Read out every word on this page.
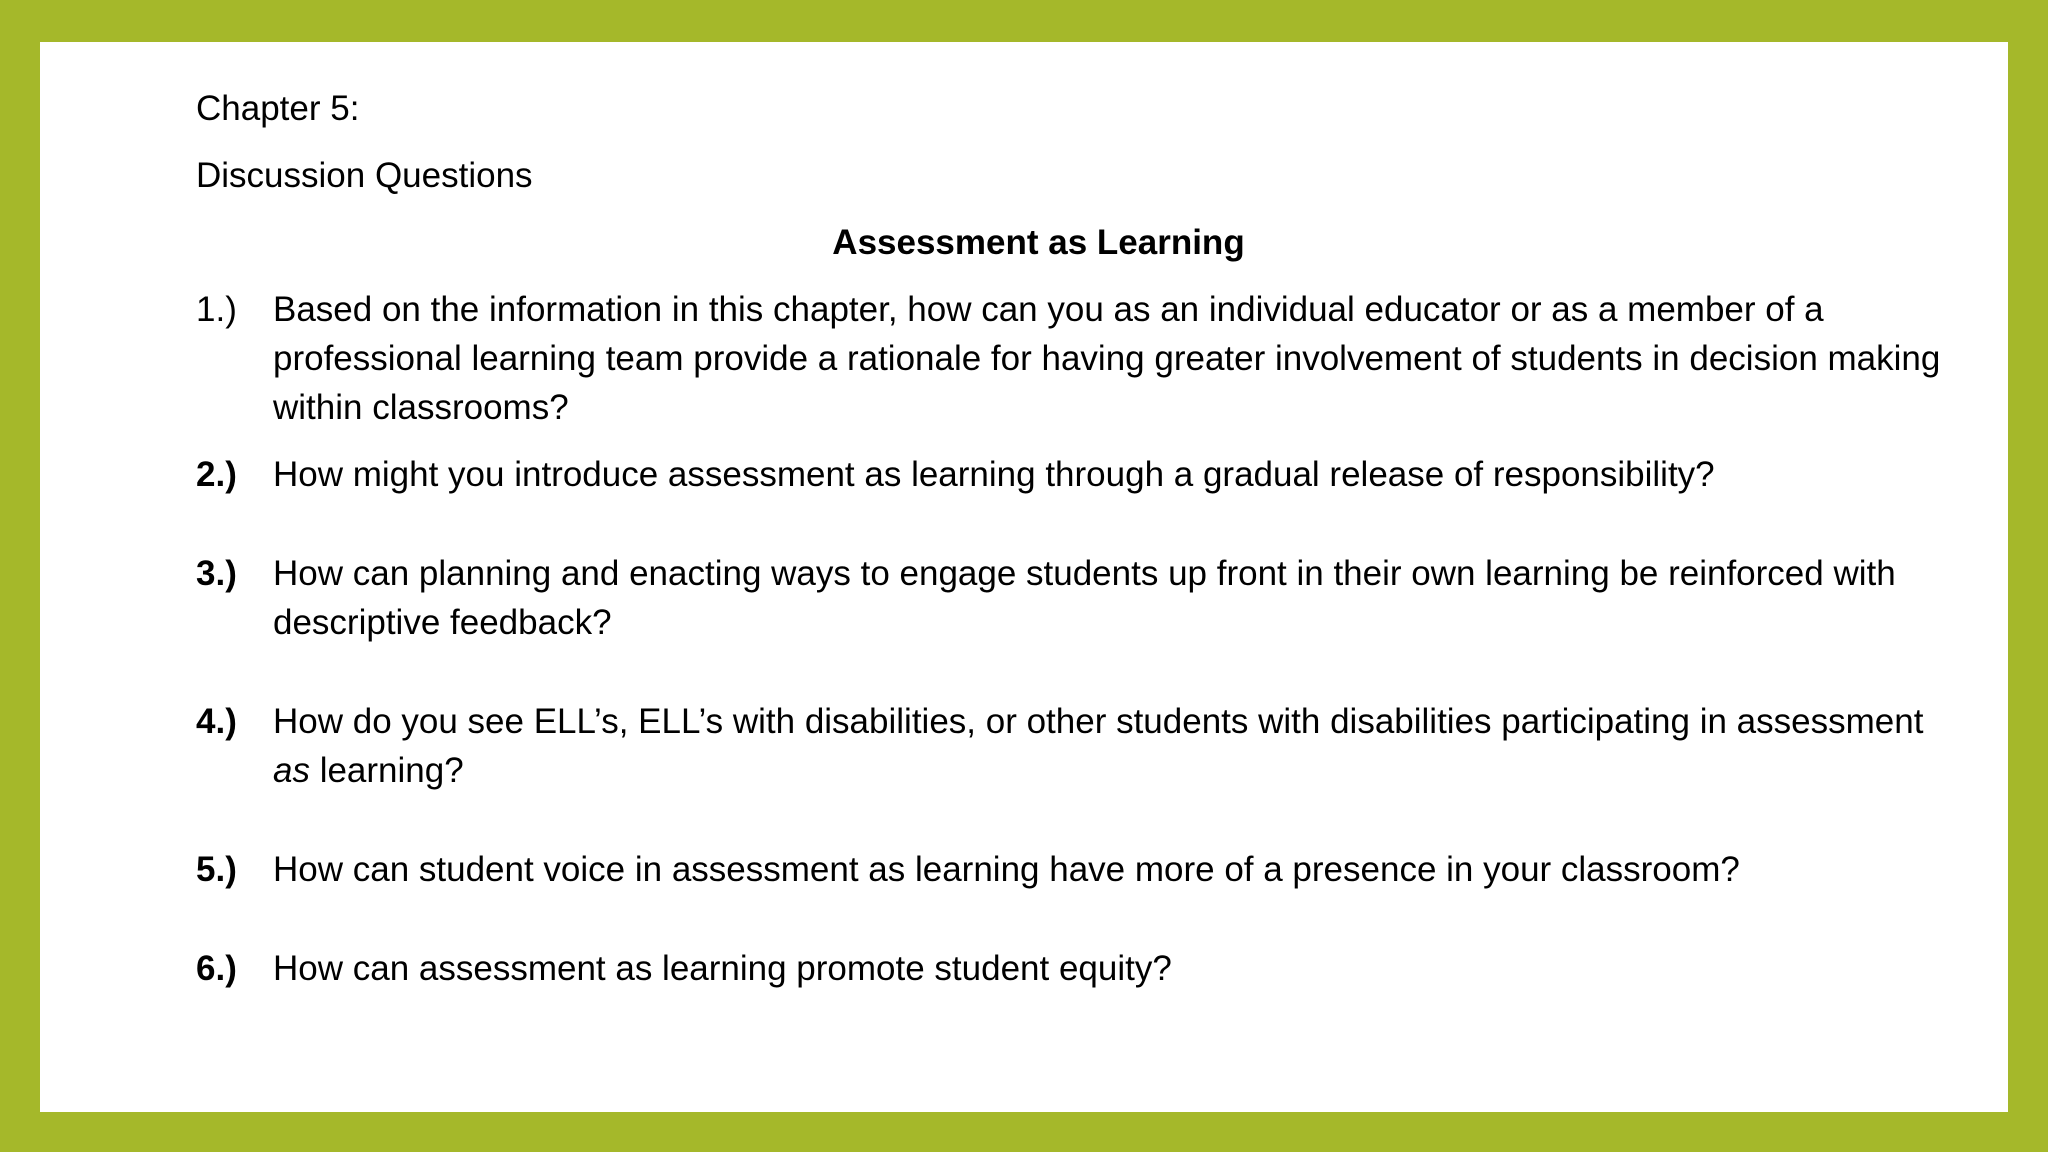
Chapter 5:

Discussion Questions

Assessment as Learning

1.)	Based on the information in this chapter, how can you as an individual educator or as a member of a professional learning team provide a rationale for having greater involvement of students in decision making within classrooms?
2.)	How might you introduce assessment as learning through a gradual release of responsibility?
3.)	How can planning and enacting ways to engage students up front in their own learning be reinforced with descriptive feedback?
4.)	How do you see ELL’s, ELL’s with disabilities, or other students with disabilities participating in assessment as learning?
5.)	How can student voice in assessment as learning have more of a presence in your classroom?
6.)	How can assessment as learning promote student equity?
